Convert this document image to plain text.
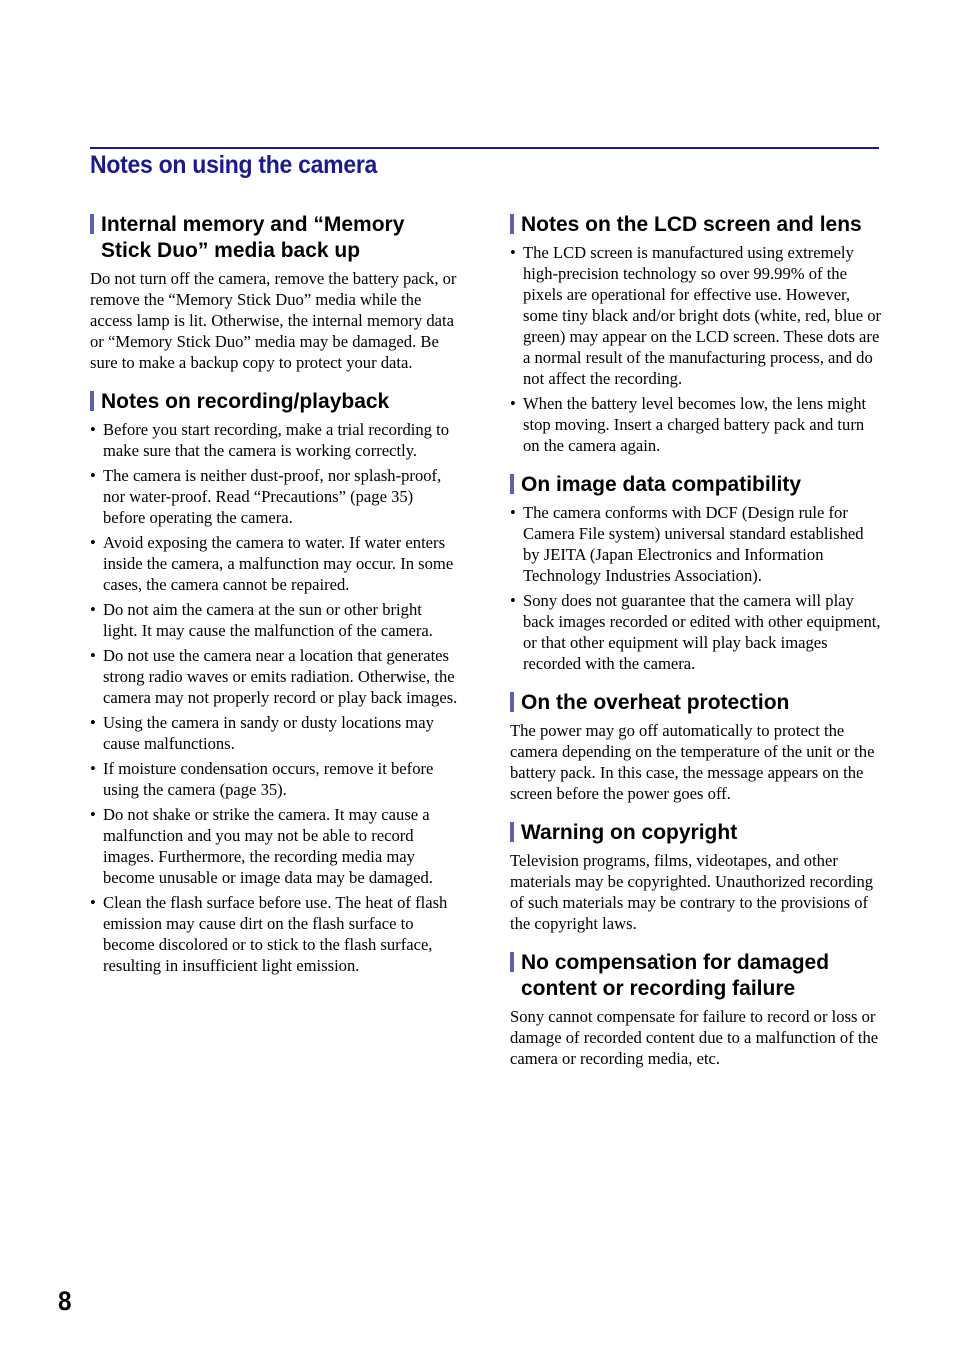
Notes on using the camera
Internal memory and “Memory Stick Duo” media back up

Do not turn off the camera, remove the battery pack, or remove the “Memory Stick Duo” media while the access lamp is lit. Otherwise, the internal memory data or “Memory Stick Duo” media may be damaged. Be sure to make a backup copy to protect your data.

Notes on recording/playback
• Before you start recording, make a trial recording to make sure that the camera is working correctly.
• The camera is neither dust-proof, nor splash-proof, nor water-proof. Read “Precautions” (page 35) before operating the camera.
• Avoid exposing the camera to water. If water enters inside the camera, a malfunction may occur. In some cases, the camera cannot be repaired.
• Do not aim the camera at the sun or other bright light. It may cause the malfunction of the camera.
• Do not use the camera near a location that generates strong radio waves or emits radiation. Otherwise, the camera may not properly record or play back images.
• Using the camera in sandy or dusty locations may cause malfunctions.
• If moisture condensation occurs, remove it before using the camera (page 35).
• Do not shake or strike the camera. It may cause a malfunction and you may not be able to record images. Furthermore, the recording media may become unusable or image data may be damaged.
• Clean the flash surface before use. The heat of flash emission may cause dirt on the flash surface to become discolored or to stick to the flash surface, resulting in insufficient light emission.
Notes on the LCD screen and lens
• The LCD screen is manufactured using extremely high-precision technology so over 99.99% of the pixels are operational for effective use. However, some tiny black and/or bright dots (white, red, blue or green) may appear on the LCD screen. These dots are a normal result of the manufacturing process, and do not affect the recording.
• When the battery level becomes low, the lens might stop moving. Insert a charged battery pack and turn on the camera again.
On image data compatibility
• The camera conforms with DCF (Design rule for Camera File system) universal standard established by JEITA (Japan Electronics and Information Technology Industries Association).
• Sony does not guarantee that the camera will play back images recorded or edited with other equipment, or that other equipment will play back images recorded with the camera.
On the overheat protection

The power may go off automatically to protect the camera depending on the temperature of the unit or the battery pack. In this case, the message appears on the screen before the power goes off.

Warning on copyright

Television programs, films, videotapes, and other materials may be copyrighted. Unauthorized recording of such materials may be contrary to the provisions of the copyright laws.

No compensation for damaged content or recording failure

Sony cannot compensate for failure to record or loss or damage of recorded content due to a malfunction of the camera or recording media, etc.

8
